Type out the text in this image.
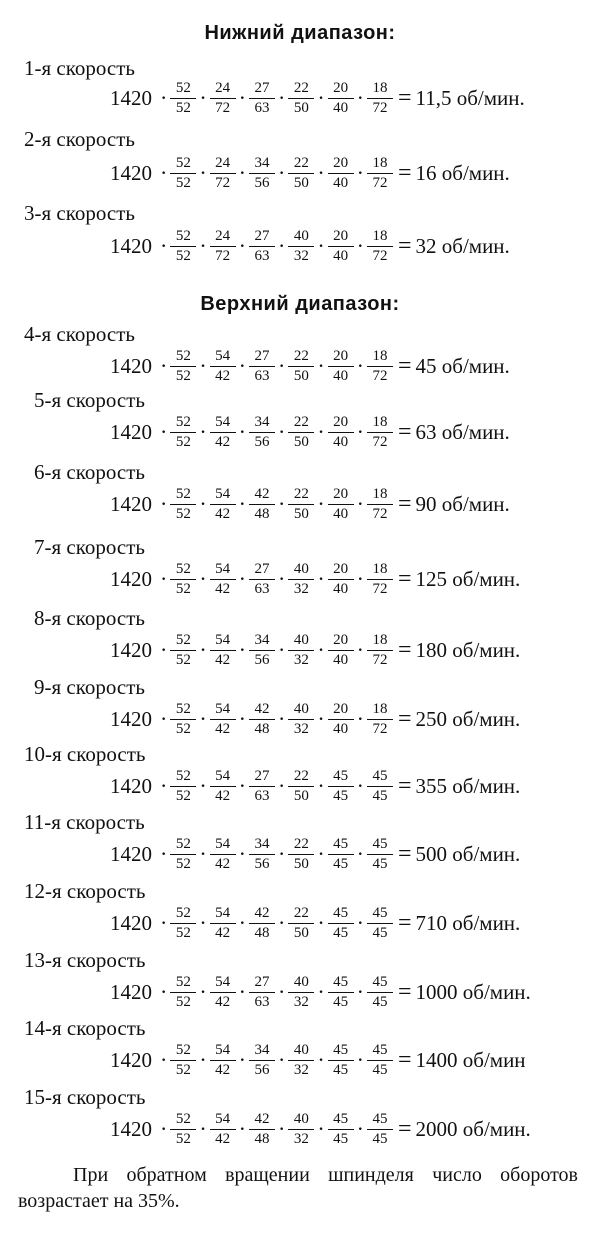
Нижний диапазон:
1-я скорость
$1420 \cdot \frac{52}{52} \cdot \frac{24}{72} \cdot \frac{27}{63} \cdot \frac{22}{50} \cdot \frac{20}{40} \cdot \frac{18}{72} = 11,5$ об/мин.
2-я скорость
$1420 \cdot \frac{52}{52} \cdot \frac{24}{72} \cdot \frac{34}{56} \cdot \frac{22}{50} \cdot \frac{20}{40} \cdot \frac{18}{72} = 16$ об/мин.
3-я скорость
$1420 \cdot \frac{52}{52} \cdot \frac{24}{72} \cdot \frac{27}{63} \cdot \frac{40}{32} \cdot \frac{20}{40} \cdot \frac{18}{72} = 32$ об/мин.
Верхний диапазон:
4-я скорость
$1420 \cdot \frac{52}{52} \cdot \frac{54}{42} \cdot \frac{27}{63} \cdot \frac{22}{50} \cdot \frac{20}{40} \cdot \frac{18}{72} = 45$ об/мин.
5-я скорость
$1420 \cdot \frac{52}{52} \cdot \frac{54}{42} \cdot \frac{34}{56} \cdot \frac{22}{50} \cdot \frac{20}{40} \cdot \frac{18}{72} = 63$ об/мин.
6-я скорость
$1420 \cdot \frac{52}{52} \cdot \frac{54}{42} \cdot \frac{42}{48} \cdot \frac{22}{50} \cdot \frac{20}{40} \cdot \frac{18}{72} = 90$ об/мин.
7-я скорость
$1420 \cdot \frac{52}{52} \cdot \frac{54}{42} \cdot \frac{27}{63} \cdot \frac{40}{32} \cdot \frac{20}{40} \cdot \frac{18}{72} = 125$ об/мин.
8-я скорость
$1420 \cdot \frac{52}{52} \cdot \frac{54}{42} \cdot \frac{34}{56} \cdot \frac{40}{32} \cdot \frac{20}{40} \cdot \frac{18}{72} = 180$ об/мин.
9-я скорость
$1420 \cdot \frac{52}{52} \cdot \frac{54}{42} \cdot \frac{42}{48} \cdot \frac{40}{32} \cdot \frac{20}{40} \cdot \frac{18}{72} = 250$ об/мин.
10-я скорость
$1420 \cdot \frac{52}{52} \cdot \frac{54}{42} \cdot \frac{27}{63} \cdot \frac{22}{50} \cdot \frac{45}{45} \cdot \frac{45}{45} = 355$ об/мин.
11-я скорость
$1420 \cdot \frac{52}{52} \cdot \frac{54}{42} \cdot \frac{34}{56} \cdot \frac{22}{50} \cdot \frac{45}{45} \cdot \frac{45}{45} = 500$ об/мин.
12-я скорость
$1420 \cdot \frac{52}{52} \cdot \frac{54}{42} \cdot \frac{42}{48} \cdot \frac{22}{50} \cdot \frac{45}{45} \cdot \frac{45}{45} = 710$ об/мин.
13-я скорость
$1420 \cdot \frac{52}{52} \cdot \frac{54}{42} \cdot \frac{27}{63} \cdot \frac{40}{32} \cdot \frac{45}{45} \cdot \frac{45}{45} = 1000$ об/мин.
14-я скорость
$1420 \cdot \frac{52}{52} \cdot \frac{54}{42} \cdot \frac{34}{56} \cdot \frac{40}{32} \cdot \frac{45}{45} \cdot \frac{45}{45} = 1400$ об/мин
15-я скорость
$1420 \cdot \frac{52}{52} \cdot \frac{54}{42} \cdot \frac{42}{48} \cdot \frac{40}{32} \cdot \frac{45}{45} \cdot \frac{45}{45} = 2000$ об/мин.
При обратном вращении шпинделя число оборотов возрастает на 35%.
